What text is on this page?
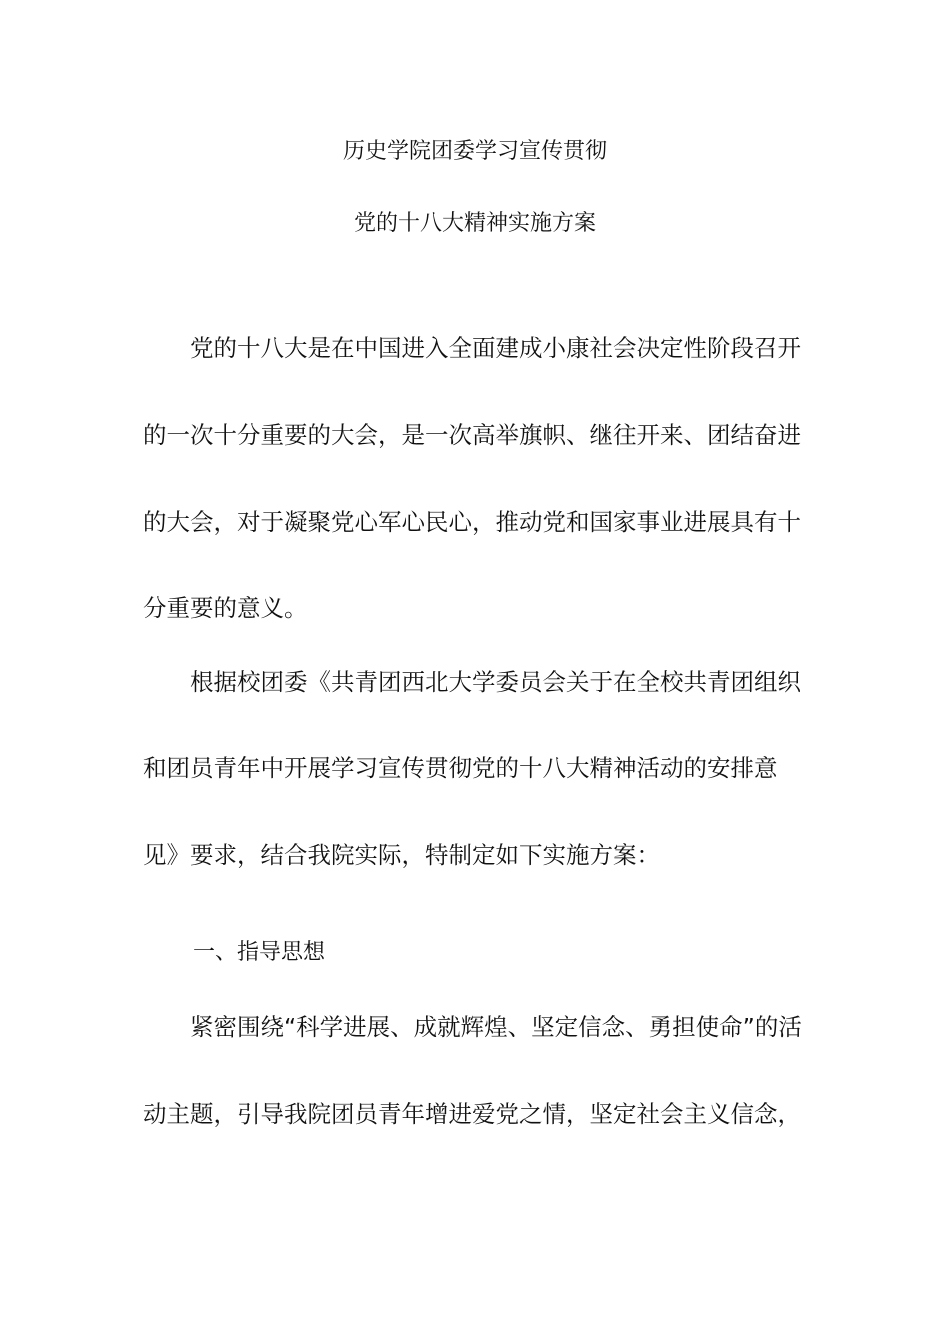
历史学院团委学习宣传贯彻
党的十八大精神实施方案
党的十八大是在中国进入全面建成小康社会决定性阶段召开
的一次十分重要的大会，是一次高举旗帜、继往开来、团结奋进
的大会，对于凝聚党心军心民心，推动党和国家事业进展具有十
分重要的意义。
根据校团委《共青团西北大学委员会关于在全校共青团组织
和团员青年中开展学习宣传贯彻党的十八大精神活动的安排意
见》要求，结合我院实际，特制定如下实施方案：
一、指导思想
紧密围绕“科学进展、成就辉煌、坚定信念、勇担使命”的活
动主题，引导我院团员青年增进爱党之情，坚定社会主义信念，
